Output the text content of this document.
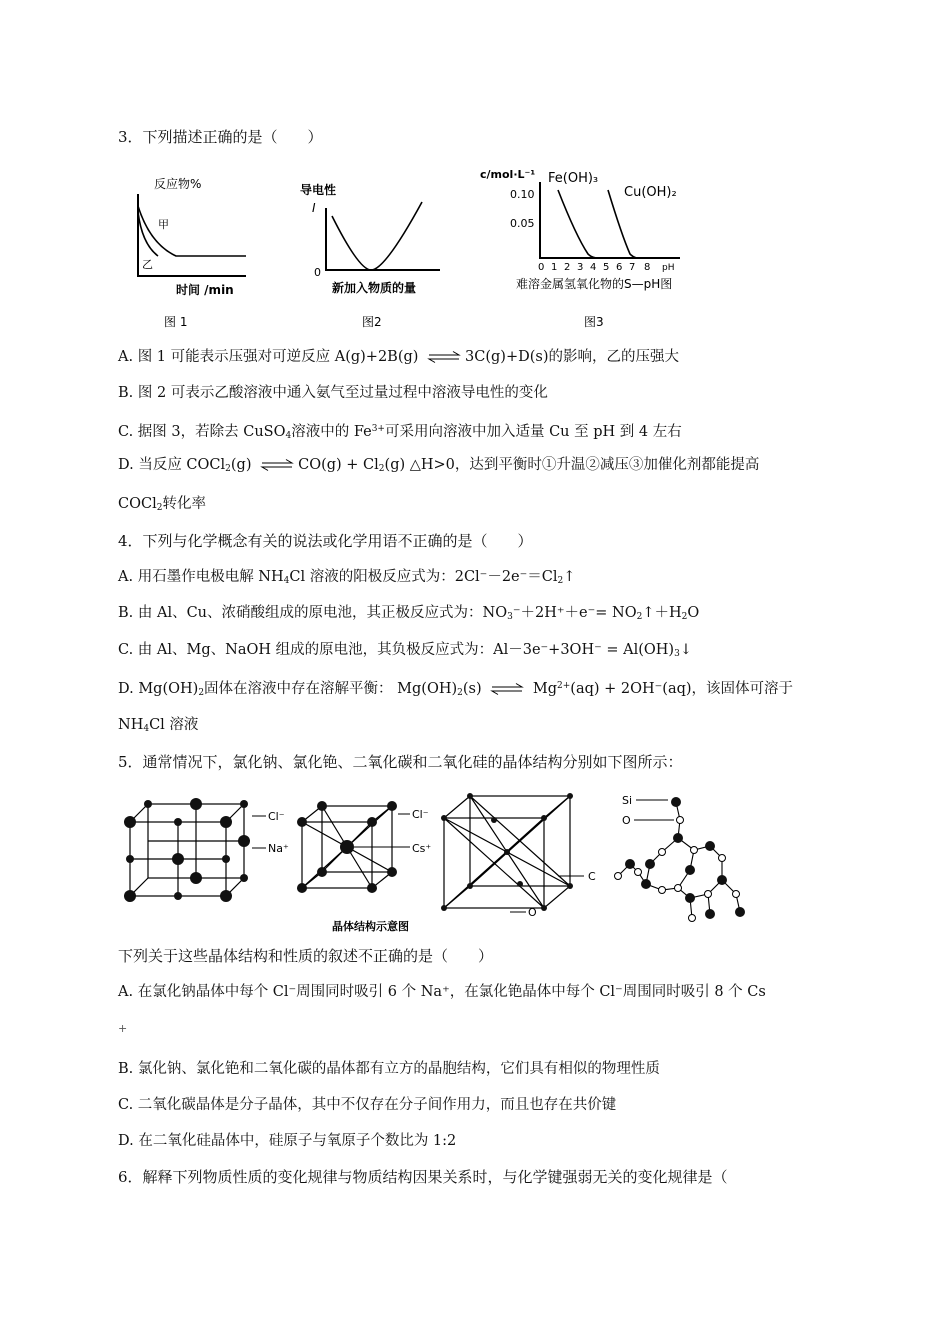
3．下列描述正确的是（　　）
反应物%
甲
乙
时间 /min
图 1
导电性
I
0
新加入物质的量
图2
c/mol·L⁻¹ Fe(OH)₃
Cu(OH)₂
0.10
0.05
0 1 2 3 4 5 6 7 8 pH
难溶金属氢氧化物的S—pH图
图3
A. 图 1 可能表示压强对可逆反应 A(g)+2B(g) ⇌ 3C(g)+D(s)的影响，乙的压强大
B. 图 2 可表示乙酸溶液中通入氨气至过量过程中溶液导电性的变化
C. 据图 3，若除去 CuSO$_4$溶液中的 $Fe^{3+}$可采用向溶液中加入适量 Cu 至 pH 到 4 左右
D. 当反应 COCl$_2$(g) ⇌ $CO(g) + Cl_2(g)$ △H>0，达到平衡时①升温②减压③加催化剂都能提高
COCl$_2$转化率
4．下列与化学概念有关的说法或化学用语不正确的是（　　）
A. 用石墨作电极电解 $NH_4Cl$ 溶液的阳极反应式为：$2Cl^--2e^-=Cl_2↑$
B. 由 Al、Cu、浓硝酸组成的原电池，其正极反应式为：$NO_3^-+2H^++e^-=$ $NO_2↑+H_2O$
C. 由 Al、Mg、NaOH 组成的原电池，其负极反应式为：$Al-3e^-+3OH^- = Al(OH)_3↓$
D. $Mg(OH)_2$固体在溶液中存在溶解平衡： $Mg(OH)_2(s)$ ⇌ $Mg^{2+}(aq) + 2OH^-(aq)$，该固体可溶于
$NH_4Cl$ 溶液
5．通常情况下，氯化钠、氯化铯、二氧化碳和二氧化硅的晶体结构分别如下图所示：
Cl⁻
Na⁺
Cl⁻
Cs⁺
C
O
Si
O
晶体结构示意图
下列关于这些晶体结构和性质的叙述不正确的是（　　）
A. 在氯化钠晶体中每个 Cl⁻周围同时吸引 6 个 Na⁺，在氯化铯晶体中每个 Cl⁻周围同时吸引 8 个 Cs
+
B. 氯化钠、氯化铯和二氧化碳的晶体都有立方的晶胞结构，它们具有相似的物理性质
C. 二氧化碳晶体是分子晶体，其中不仅存在分子间作用力，而且也存在共价键
D. 在二氧化硅晶体中，硅原子与氧原子个数比为 1:2
6．解释下列物质性质的变化规律与物质结构因果关系时，与化学键强弱无关的变化规律是（
